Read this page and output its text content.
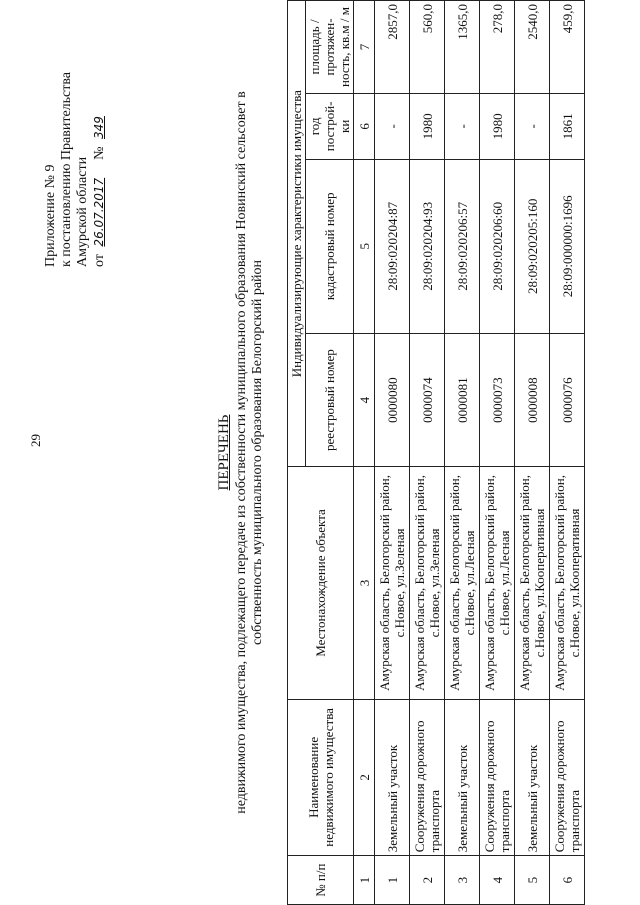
29
Приложение № 9 к постановлению Правительства Амурской области от 26.07.2017    № 349
ПЕРЕЧЕНЬ недвижимого имущества, подлежащего передаче из собственности муниципального образования Новинский сельсовет в собственность муниципального образования Белогорский район
№ п/п	Наименование недвижимого имущества	Местонахождение объекта	Индивидуализирующие характеристики имущества			
			реестровый номер	кадастровый номер	год построй-ки	площадь / протяжен-ность, кв.м / м
1	2	3	4	5	6	7
1	Земельный участок	Амурская область, Белогорский район, с.Новое, ул.Зеленая	0000080	28:09:020204:87	-	2857,0
2	Сооружения дорожного транспорта	Амурская область, Белогорский район, с.Новое, ул.Зеленая	0000074	28:09:020204:93	1980	560,0
3	Земельный участок	Амурская область, Белогорский район, с.Новое, ул.Лесная	0000081	28:09:020206:57	-	1365,0
4	Сооружения дорожного транспорта	Амурская область, Белогорский район, с.Новое, ул.Лесная	0000073	28:09:020206:60	1980	278,0
5	Земельный участок	Амурская область, Белогорский район, с.Новое, ул.Кооперативная	0000008	28:09:020205:160	-	2540,0
6	Сооружения дорожного транспорта	Амурская область, Белогорский район, с.Новое, ул.Кооперативная	0000076	28:09:000000:1696	1861	459,0
